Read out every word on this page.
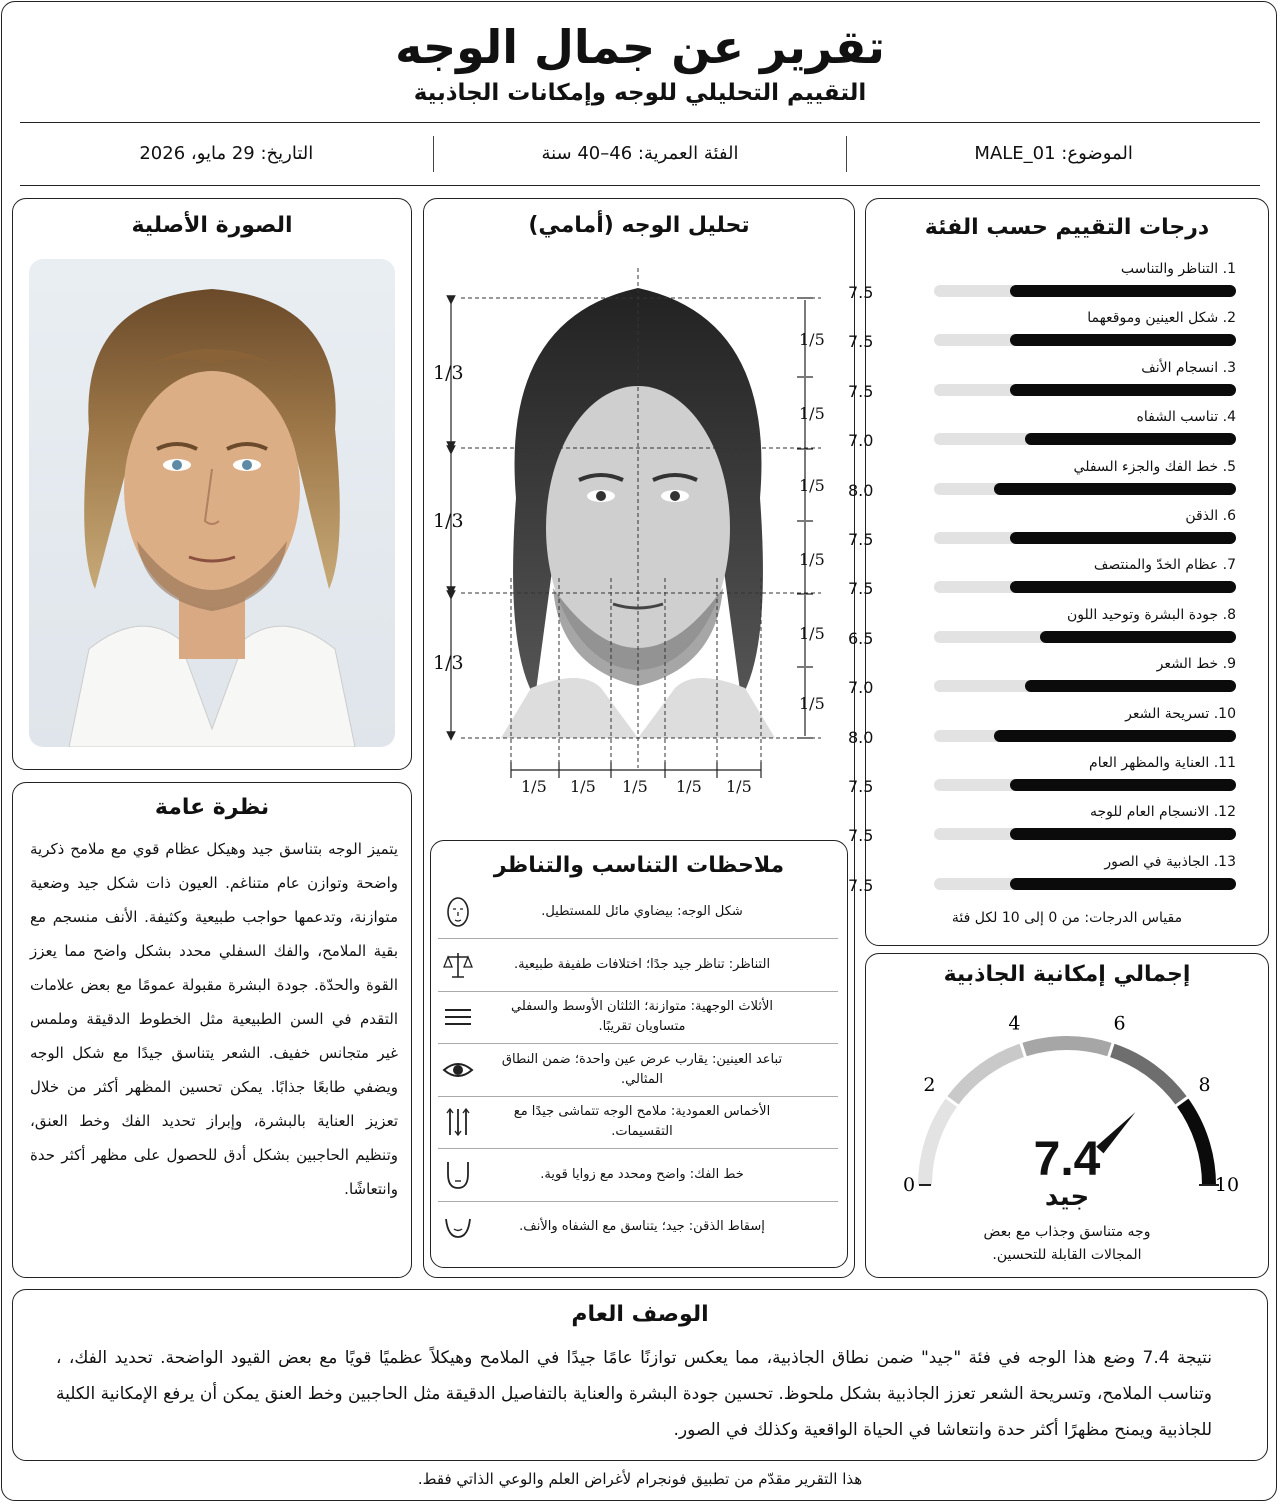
تقرير عن جمال الوجه
التقييم التحليلي للوجه وإمكانات الجاذبية
الموضوع: MALE_01
الفئة العمرية: 46–40 سنة
التاريخ: 29 مايو، 2026
الصورة الأصلية	تحليل الوجه (أمامي)
1/3
1/3
1/3
1/5
1/5
1/5
1/5
1/5
1/5
1/5 1/5 1/5 1/5 1/5
ملاحظات التناسب والتناظر
شكل الوجه: بيضاوي مائل للمستطيل.
التناظر: تناظر جيد جدًا؛ اختلافات طفيفة طبيعية.
الأثلاث الوجهية: متوازنة؛ الثلثان الأوسط والسفلي متساويان تقريبًا.
تباعد العينين: يقارب عرض عين واحدة؛ ضمن النطاق المثالي.
الأخماس العمودية: ملامح الوجه تتماشى جيدًا مع التقسيمات.
خط الفك: واضح ومحدد مع زوايا قوية.
إسقاط الذقن: جيد؛ يتناسق مع الشفاه والأنف.
درجات التقييم حسب الفئة
1. التناظر والتناسب
7.5
2. شكل العينين وموقعهما
7.5
3. انسجام الأنف
7.5
4. تناسب الشفاه
7.0
5. خط الفك والجزء السفلي
8.0
6. الذقن
7.5
7. عظام الخدّ والمنتصف
7.5
8. جودة البشرة وتوحيد اللون
6.5
9. خط الشعر
7.0
10. تسريحة الشعر
8.0
11. العناية والمظهر العام
7.5
12. الانسجام العام للوجه
7.5
13. الجاذبية في الصور
7.5
مقياس الدرجات: من 0 إلى 10 لكل فئة
إجمالي إمكانية الجاذبية
0
2
4	6
8
10
7.4
جيد
وجه متناسق وجذاب مع بعض
المجالات القابلة للتحسين.
نظرة عامة
يتميز الوجه بتناسق جيد وهيكل عظام قوي مع ملامح ذكرية واضحة وتوازن عام متناغم. العيون ذات شكل جيد وضعية متوازنة، وتدعمها حواجب طبيعية وكثيفة. الأنف منسجم مع بقية الملامح، والفك السفلي محدد بشكل واضح مما يعزز القوة والحدّة. جودة البشرة مقبولة عمومًا مع بعض علامات التقدم في السن الطبيعية مثل الخطوط الدقيقة وملمس غير متجانس خفيف. الشعر يتناسق جيدًا مع شكل الوجه ويضفي طابعًا جذابًا. يمكن تحسين المظهر أكثر من خلال تعزيز العناية بالبشرة، وإبراز تحديد الفك وخط العنق، وتنظيم الحاجبين بشكل أدق للحصول على مظهر أكثر حدة وانتعاشًا.
الوصف العام
نتيجة 7.4 وضع هذا الوجه في فئة "جيد" ضمن نطاق الجاذبية، مما يعكس توازنًا عامًا جيدًا في الملامح وهيكلاً عظميًا قويًا مع بعض القيود الواضحة. تحديد الفك، ، وتناسب الملامح، وتسريحة الشعر تعزز الجاذبية بشكل ملحوظ. تحسين جودة البشرة والعناية بالتفاصيل الدقيقة مثل الحاجبين وخط العنق يمكن أن يرفع الإمكانية الكلية للجاذبية ويمنح مظهرًا أكثر حدة وانتعاشا في الحياة الواقعية وكذلك في الصور.
هذا التقرير مقدّم من تطبيق فونجرام لأغراض العلم والوعي الذاتي فقط.
